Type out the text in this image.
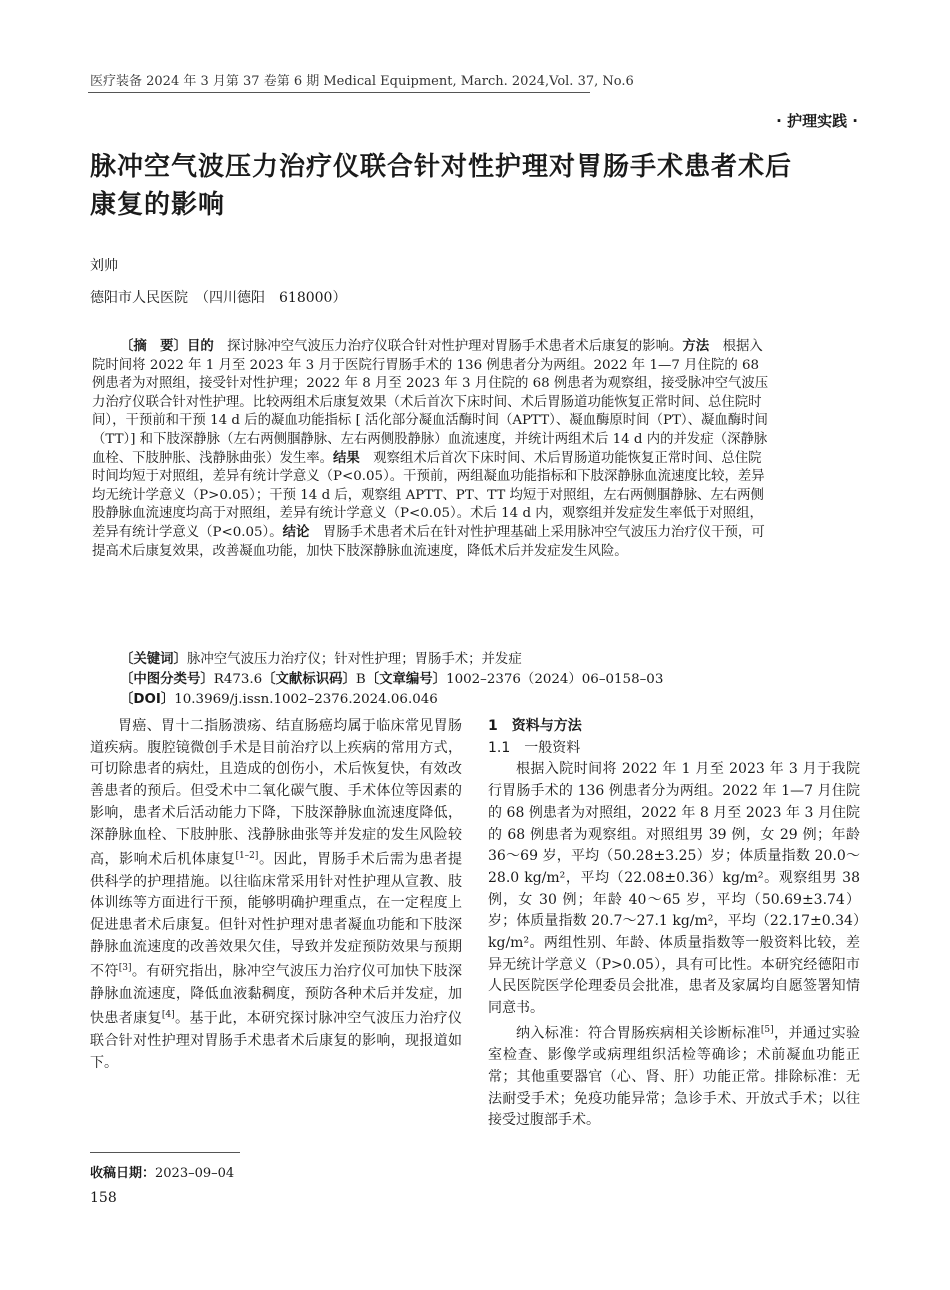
医疗装备 2024 年 3 月第 37 卷第 6 期 Medical Equipment, March. 2024,Vol. 37, No.6
· 护理实践 ·
脉冲空气波压力治疗仪联合针对性护理对胃肠手术患者术后康复的影响
刘帅
德阳市人民医院　（四川德阳　618000）
〔摘　要〕目的　 探讨脉冲空气波压力治疗仪联合针对性护理对胃肠手术患者术后康复的影响。方法　 根据入院时间将 2022 年 1 月至 2023 年 3 月于医院行胃肠手术的 136 例患者分为两组。2022 年 1—7 月住院的 68 例患者为对照组，接受针对性护理；2022 年 8 月至 2023 年 3 月住院的 68 例患者为观察组，接受脉冲空气波压力治疗仪联合针对性护理。比较两组术后康复效果（术后首次下床时间、术后胃肠道功能恢复正常时间、总住院时间），干预前和干预 14 d 后的凝血功能指标 [ 活化部分凝血活酶时间（APTT）、凝血酶原时间（PT）、凝血酶时间（TT）] 和下肢深静脉（左右两侧腘静脉、左右两侧股静脉）血流速度，并统计两组术后 14 d 内的并发症（深静脉血栓、下肢肿胀、浅静脉曲张）发生率。结果　 观察组术后首次下床时间、术后胃肠道功能恢复正常时间、总住院时间均短于对照组，差异有统计学意义（P<0.05）。干预前，两组凝血功能指标和下肢深静脉血流速度比较，差异均无统计学意义（P>0.05）；干预 14 d 后，观察组 APTT、PT、TT 均短于对照组，左右两侧腘静脉、左右两侧股静脉血流速度均高于对照组，差异有统计学意义（P<0.05）。术后 14 d 内，观察组并发症发生率低于对照组，差异有统计学意义（P<0.05）。结论　 胃肠手术患者术后在针对性护理基础上采用脉冲空气波压力治疗仪干预，可提高术后康复效果，改善凝血功能，加快下肢深静脉血流速度，降低术后并发症发生风险。
〔关键词〕脉冲空气波压力治疗仪；针对性护理；胃肠手术；并发症
〔中图分类号〕R473.6〔文献标识码〕B〔文章编号〕1002–2376（2024）06–0158–03
〔DOI〕10.3969/j.issn.1002–2376.2024.06.046

胃癌、胃十二指肠溃疡、结直肠癌均属于临床常见胃肠道疾病。腹腔镜微创手术是目前治疗以上疾病的常用方式，可切除患者的病灶，且造成的创伤小，术后恢复快，有效改善患者的预后。但受术中二氧化碳气腹、手术体位等因素的影响，患者术后活动能力下降，下肢深静脉血流速度降低，深静脉血栓、下肢肿胀、浅静脉曲张等并发症的发生风险较高，影响术后机体康复[1–2]。因此，胃肠手术后需为患者提供科学的护理措施。以往临床常采用针对性护理从宣教、肢体训练等方面进行干预，能够明确护理重点，在一定程度上促进患者术后康复。但针对性护理对患者凝血功能和下肢深静脉血流速度的改善效果欠佳，导致并发症预防效果与预期不符[3]。有研究指出，脉冲空气波压力治疗仪可加快下肢深静脉血流速度，降低血液黏稠度，预防各种术后并发症，加快患者康复[4]。基于此，本研究探讨脉冲空气波压力治疗仪联合针对性护理对胃肠手术患者术后康复的影响，现报道如下。

1　资料与方法

1.1　一般资料

根据入院时间将 2022 年 1 月至 2023 年 3 月于我院行胃肠手术的 136 例患者分为两组。2022 年 1—7 月住院的 68 例患者为对照组，2022 年 8 月至 2023 年 3 月住院的 68 例患者为观察组。对照组男 39 例，女 29 例；年龄 36～69 岁，平均（50.28±3.25）岁；体质量指数 20.0～28.0 kg/m²，平均（22.08±0.36）kg/m²。观察组男 38 例，女 30 例；年龄 40～65 岁，平均（50.69±3.74）岁；体质量指数 20.7～27.1 kg/m²，平均（22.17±0.34）kg/m²。两组性别、年龄、体质量指数等一般资料比较，差异无统计学意义（P>0.05），具有可比性。本研究经德阳市人民医院医学伦理委员会批准，患者及家属均自愿签署知情同意书。

纳入标准：符合胃肠疾病相关诊断标准[5]，并通过实验室检查、影像学或病理组织活检等确诊；术前凝血功能正常；其他重要器官（心、肾、肝）功能正常。排除标准：无法耐受手术；免疫功能异常；急诊手术、开放式手术；以往接受过腹部手术。

收稿日期：2023–09–04
158
